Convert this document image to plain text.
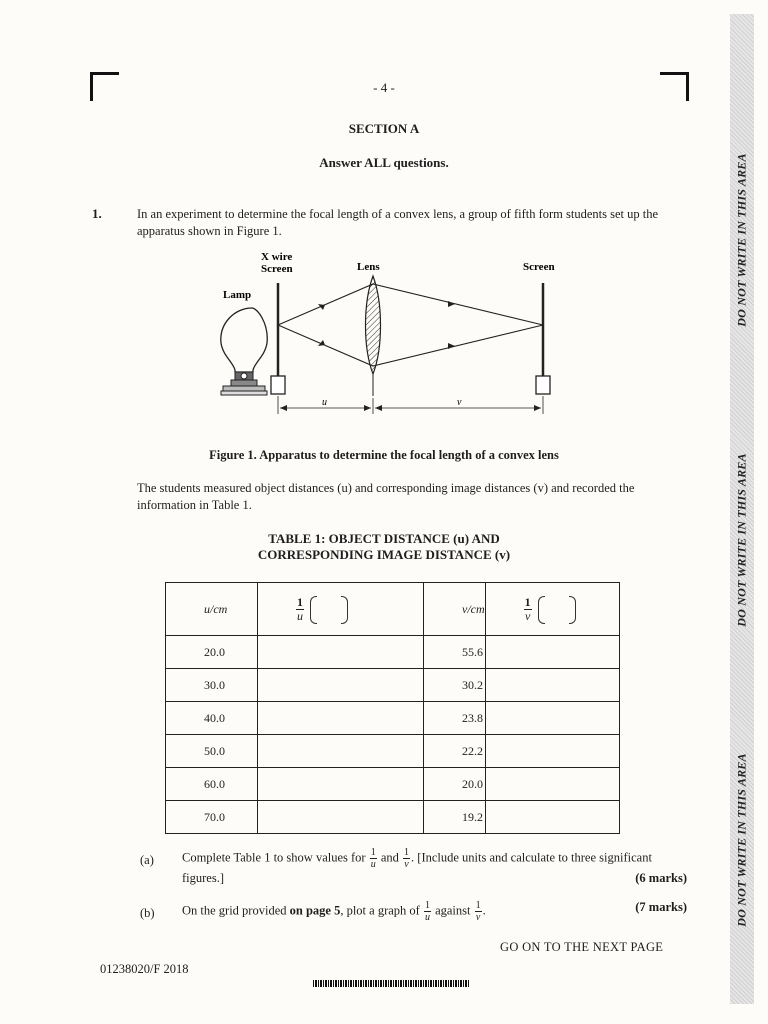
- 4 -
SECTION A
Answer ALL questions.
1.	In an experiment to determine the focal length of a convex lens, a group of fifth form students set up the apparatus shown in Figure 1.
X wire
Screen	Lens	Screen
Lamp
u	v
Figure 1. Apparatus to determine the focal length of a convex lens
The students measured object distances (u) and corresponding image distances (v) and recorded the information in Table 1.
TABLE 1: OBJECT DISTANCE (u) AND
CORRESPONDING IMAGE DISTANCE (v)
u/cm	$\frac{1}{u}$	v/cm	$\frac{1}{v}$

20.0		55.6	
30.0		30.2	
40.0		23.8	
50.0		22.2	
60.0		20.0	
70.0		19.2	
(a) Complete Table 1 to show values for $\frac{1}{u}$ and $\frac{1}{v}$ . [Include units and calculate to three significant figures.]	(6 marks)
(b) On the grid provided on page 5, plot a graph of $\frac{1}{u}$ against $\frac{1}{v}$ .	(7 marks)
GO ON TO THE NEXT PAGE
01238020/F 2018
DO NOT WRITE IN THIS AREA
DO NOT WRITE IN THIS AREA
DO NOT WRITE IN THIS AREA
